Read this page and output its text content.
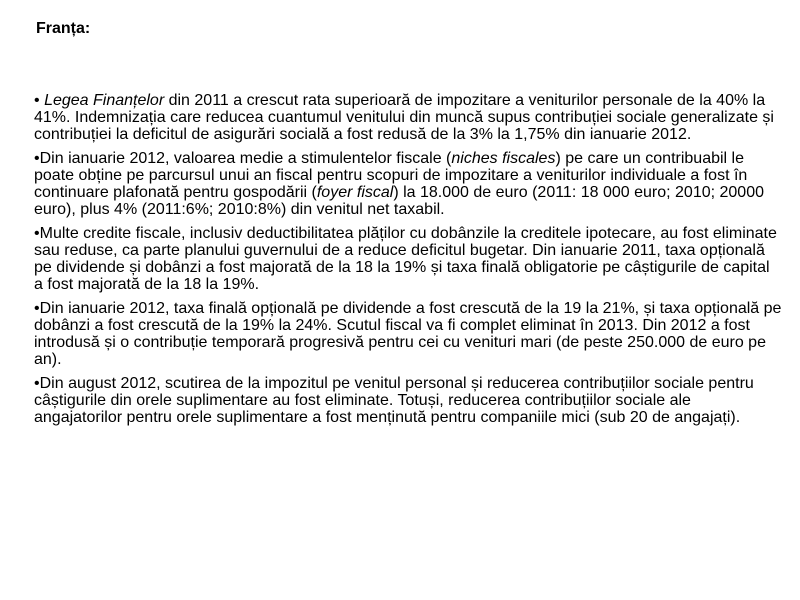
Franța:

• Legea Finanțelor din 2011 a crescut rata superioară de impozitare a veniturilor personale de la 40% la 41%. Indemnizația care reducea cuantumul venitului din muncă supus contribuției sociale generalizate și contribuției la deficitul de asigurări socială a fost redusă de la 3% la 1,75% din ianuarie 2012.

•Din ianuarie 2012, valoarea medie a stimulentelor fiscale (niches fiscales) pe care un contribuabil le poate obține pe parcursul unui an fiscal pentru scopuri de impozitare a veniturilor individuale a fost în continuare plafonată pentru gospodării (foyer fiscal) la 18.000 de euro (2011: 18 000 euro; 2010; 20000 euro), plus 4% (2011:6%; 2010:8%) din venitul net taxabil.

•Multe credite fiscale, inclusiv deductibilitatea plăților cu dobânzile la creditele ipotecare, au fost eliminate sau reduse, ca parte planului guvernului de a reduce deficitul bugetar. Din ianuarie 2011, taxa opțională pe dividende și dobânzi a fost majorată de la 18 la 19% și taxa finală obligatorie pe câștigurile de capital a fost majorată de la 18 la 19%.

•Din ianuarie 2012, taxa finală opțională pe dividende a fost crescută de la 19 la 21%, și taxa opțională pe dobânzi a fost crescută de la 19% la 24%. Scutul fiscal va fi complet eliminat în 2013. Din 2012 a fost introdusă și o contribuție temporară progresivă pentru cei cu venituri mari (de peste 250.000 de euro pe an).

•Din august 2012, scutirea de la impozitul pe venitul personal și reducerea contribuțiilor sociale pentru câștigurile din orele suplimentare au fost eliminate. Totuși, reducerea contribuțiilor sociale ale angajatorilor pentru orele suplimentare a fost menținută pentru companiile mici (sub 20 de angajați).
